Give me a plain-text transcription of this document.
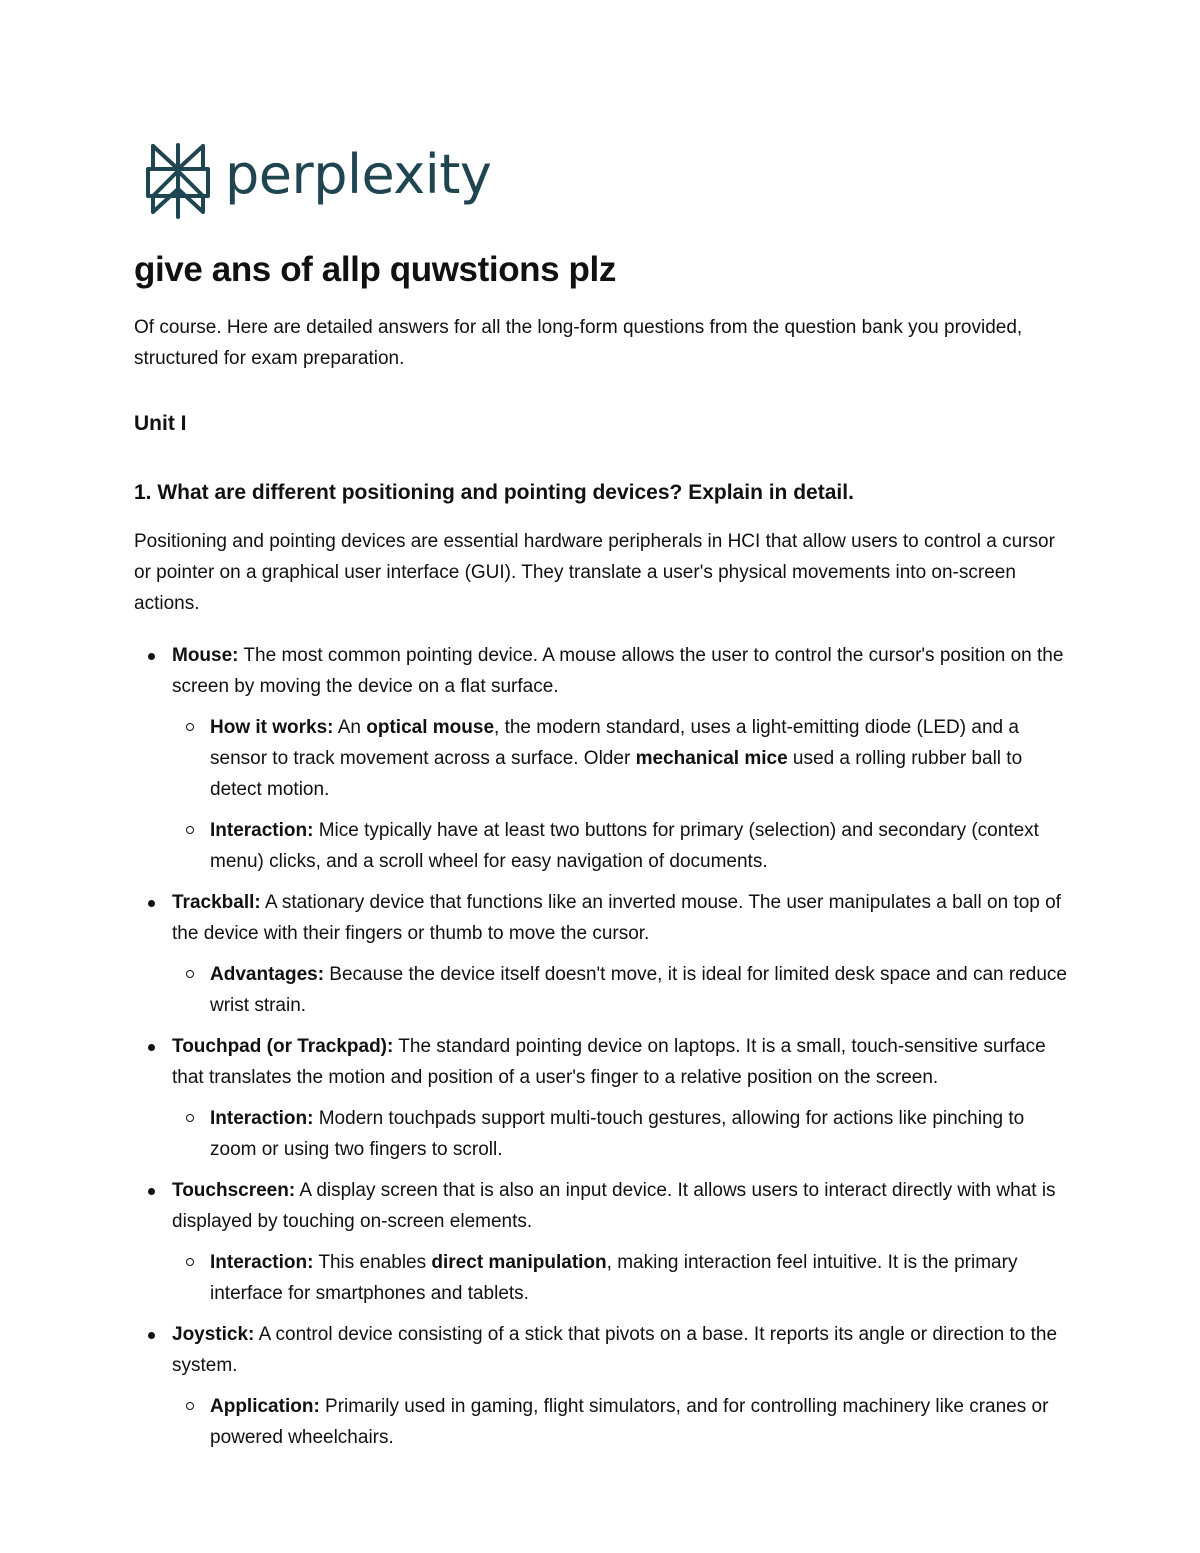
perplexity
give ans of allp quwstions plz

Of course. Here are detailed answers for all the long-form questions from the question bank you provided, structured for exam preparation.

Unit I
1. What are different positioning and pointing devices? Explain in detail.

Positioning and pointing devices are essential hardware peripherals in HCI that allow users to control a cursor or pointer on a graphical user interface (GUI). They translate a user's physical movements into on-screen actions.

Mouse: The most common pointing device. A mouse allows the user to control the cursor's position on the screen by moving the device on a flat surface.
How it works: An optical mouse, the modern standard, uses a light-emitting diode (LED) and a sensor to track movement across a surface. Older mechanical mice used a rolling rubber ball to detect motion.
Interaction: Mice typically have at least two buttons for primary (selection) and secondary (context menu) clicks, and a scroll wheel for easy navigation of documents.
Trackball: A stationary device that functions like an inverted mouse. The user manipulates a ball on top of the device with their fingers or thumb to move the cursor.
Advantages: Because the device itself doesn't move, it is ideal for limited desk space and can reduce wrist strain.
Touchpad (or Trackpad): The standard pointing device on laptops. It is a small, touch-sensitive surface that translates the motion and position of a user's finger to a relative position on the screen.
Interaction: Modern touchpads support multi-touch gestures, allowing for actions like pinching to zoom or using two fingers to scroll.
Touchscreen: A display screen that is also an input device. It allows users to interact directly with what is displayed by touching on-screen elements.
Interaction: This enables direct manipulation, making interaction feel intuitive. It is the primary interface for smartphones and tablets.
Joystick: A control device consisting of a stick that pivots on a base. It reports its angle or direction to the system.
Application: Primarily used in gaming, flight simulators, and for controlling machinery like cranes or powered wheelchairs.
